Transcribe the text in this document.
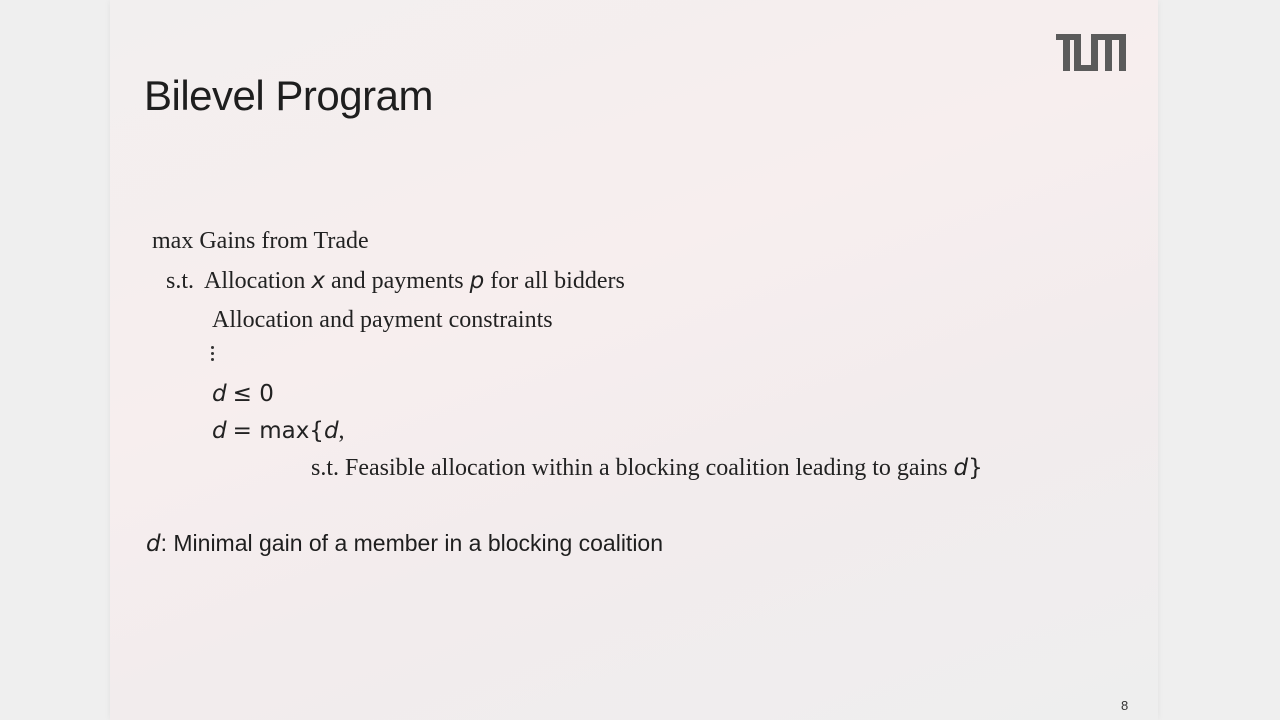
Bilevel Program
max Gains from Trade
s.t. Allocation x and payments p for all bidders
Allocation and payment constraints
d ≤ 0
d = max{d,
s.t. Feasible allocation within a blocking coalition leading to gains d}
d: Minimal gain of a member in a blocking coalition
8
